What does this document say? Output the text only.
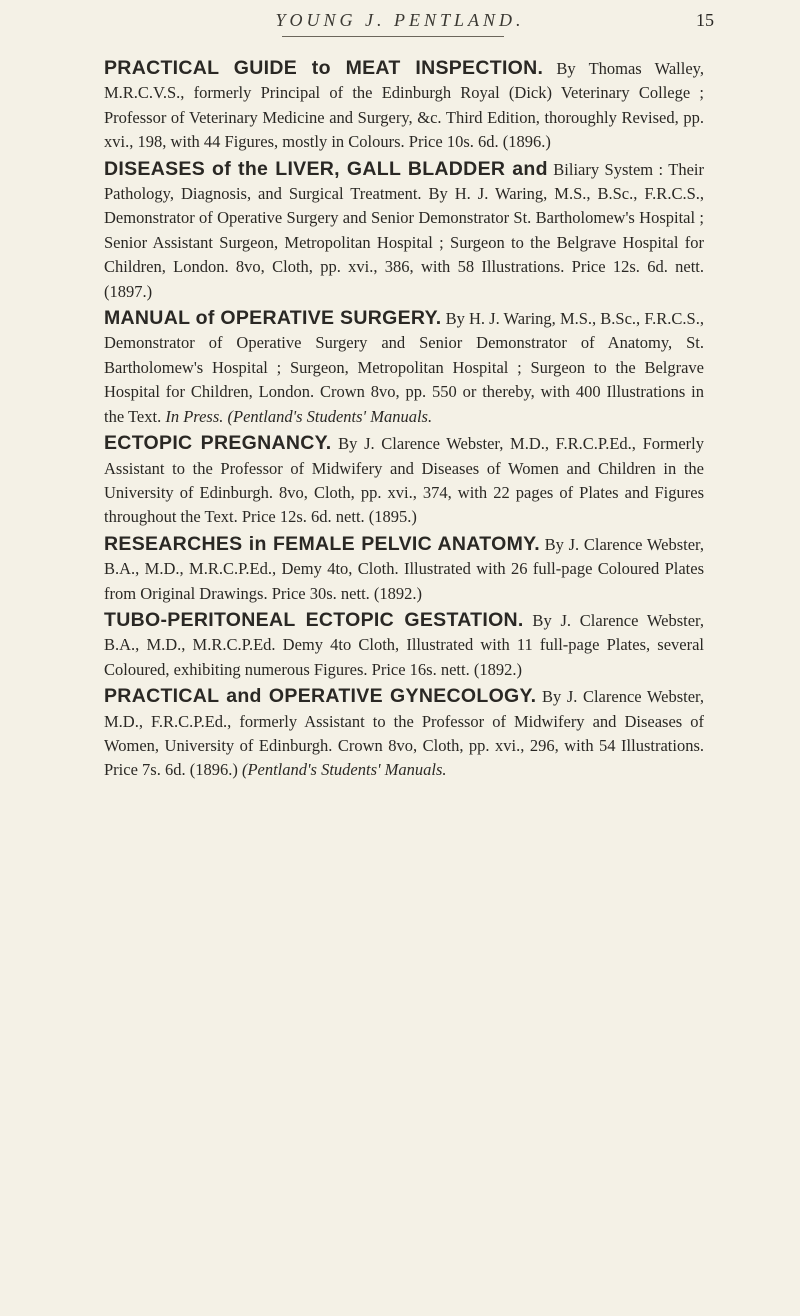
YOUNG J. PENTLAND.	15

PRACTICAL GUIDE to MEAT INSPECTION. By Thomas Walley, M.R.C.V.S., formerly Principal of the Edinburgh Royal (Dick) Veterinary College ; Professor of Veterinary Medicine and Surgery, &c. Third Edition, thoroughly Revised, pp. xvi., 198, with 44 Figures, mostly in Colours. Price 10s. 6d. (1896.)

DISEASES of the LIVER, GALL BLADDER and Biliary System : Their Pathology, Diagnosis, and Surgical Treatment. By H. J. Waring, M.S., B.Sc., F.R.C.S., Demonstrator of Operative Surgery and Senior Demonstrator St. Bartholomew's Hospital ; Senior Assistant Surgeon, Metropolitan Hospital ; Surgeon to the Belgrave Hospital for Children, London. 8vo, Cloth, pp. xvi., 386, with 58 Illustrations. Price 12s. 6d. nett. (1897.)

MANUAL of OPERATIVE SURGERY. By H. J. Waring, M.S., B.Sc., F.R.C.S., Demonstrator of Operative Surgery and Senior Demonstrator of Anatomy, St. Bartholomew's Hospital ; Surgeon, Metropolitan Hospital ; Surgeon to the Belgrave Hospital for Children, London. Crown 8vo, pp. 550 or thereby, with 400 Illustrations in the Text. In Press. (Pentland's Students' Manuals.

ECTOPIC PREGNANCY. By J. Clarence Webster, M.D., F.R.C.P.Ed., Formerly Assistant to the Professor of Midwifery and Diseases of Women and Children in the University of Edinburgh. 8vo, Cloth, pp. xvi., 374, with 22 pages of Plates and Figures throughout the Text. Price 12s. 6d. nett. (1895.)

RESEARCHES in FEMALE PELVIC ANATOMY. By J. Clarence Webster, B.A., M.D., M.R.C.P.Ed., Demy 4to, Cloth. Illustrated with 26 full-page Coloured Plates from Original Drawings. Price 30s. nett. (1892.)

TUBO-PERITONEAL ECTOPIC GESTATION. By J. Clarence Webster, B.A., M.D., M.R.C.P.Ed. Demy 4to Cloth, Illustrated with 11 full-page Plates, several Coloured, exhibiting numerous Figures. Price 16s. nett. (1892.)

PRACTICAL and OPERATIVE GYNECOLOGY. By J. Clarence Webster, M.D., F.R.C.P.Ed., formerly Assistant to the Professor of Midwifery and Diseases of Women, University of Edinburgh. Crown 8vo, Cloth, pp. xvi., 296, with 54 Illustrations. Price 7s. 6d. (1896.) (Pentland's Students' Manuals.
